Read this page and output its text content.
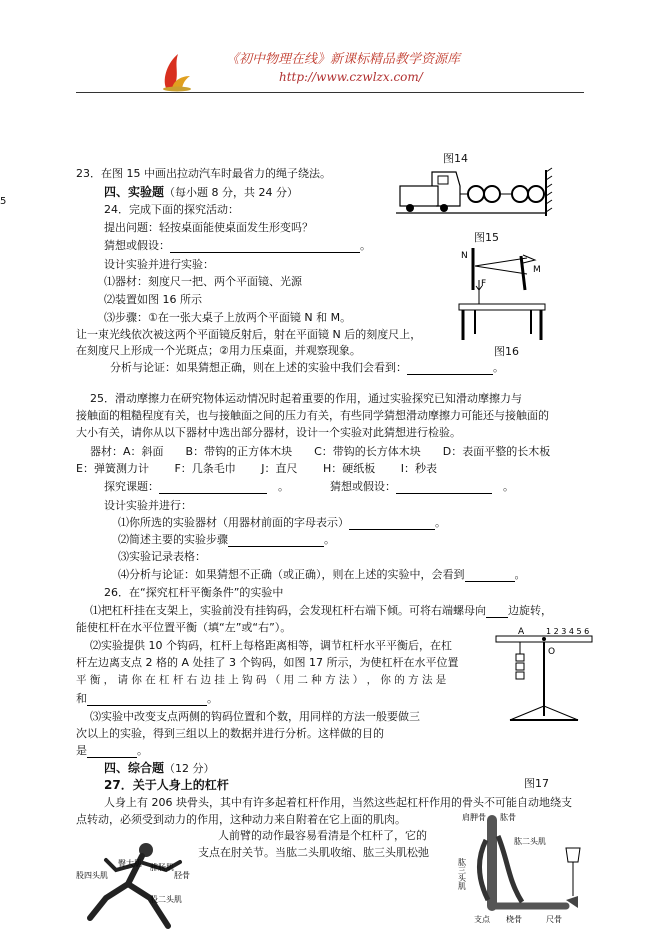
《初中物理在线》新课标精品教学资源库
http://www.czwlzx.com/
5
图14
图15
23．在图 15 中画出拉动汽车时最省力的绳子绕法。
四、实验题（每小题 8 分，共 24 分）
24．完成下面的探究活动：
提出问题：轻按桌面能使桌面发生形变吗？
猜想或假设：	。
设计实验并进行实验：
⑴器材：刻度尺一把、两个平面镜、光源
⑵装置如图 16 所示
⑶步骤：①在一张大桌子上放两个平面镜 N 和 M。
让一束光线依次被这两个平面镜反射后，射在平面镜 N 后的刻度尺上，
在刻度尺上形成一个光斑点；②用力压桌面，并观察现象。
分析与论证：如果猜想正确，则在上述的实验中我们会看到：	。
N
M
F
图16
25．滑动摩擦力在研究物体运动情况时起着重要的作用，通过实验探究已知滑动摩擦力与
接触面的粗糙程度有关，也与接触面之间的压力有关，有些同学猜想滑动摩擦力可能还与接触面的
大小有关，请你从以下器材中选出部分器材，设计一个实验对此猜想进行检验。
器材：A：斜面　　B：带钩的正方体木块　　C：带钩的长方体木块　　D：表面平整的长木板
E：弹簧测力计　　 F：几条毛巾　　 J：直尺　　 H：硬纸板　　 I：秒表
探究课题：	　。	猜想或假设：	　。
设计实验并进行：
⑴你所选的实验器材（用器材前面的字母表示）	。
⑵简述主要的实验步骤	。
⑶实验记录表格：
⑷分析与论证：如果猜想不正确（或正确），则在上述的实验中，会看到	。
26．在“探究杠杆平衡条件”的实验中
⑴把杠杆挂在支架上，实验前没有挂钩码，会发现杠杆右端下倾。可将右端螺母向 边旋转，
能使杠杆在水平位置平衡（填“左”或“右”）。
⑵实验提供 10 个钩码，杠杆上每格距离相等，调节杠杆水平平衡后，在杠
杆左边离支点 2 格的 A 处挂了 3 个钩码，如图 17 所示，为使杠杆在水平位置
平 衡 ， 请 你 在 杠 杆 右 边 挂 上 钩 码 （ 用 二 种 方 法 ） ， 你 的 方 法 是
和	。
⑶实验中改变支点两侧的钩码位置和个数，用同样的方法一般要做三
次以上的实验，得到三组以上的数据并进行分析。这样做的目的
是	。
A
O
1 2 3 4 5 6
图17
四、综合题（12 分）
27．关于人身上的杠杆
人身上有 206 块骨头，其中有许多起着杠杆作用，当然这些起杠杆作用的骨头不可能自动地绕支
点转动，必须受到动力的作用，这种动力来自附着在它上面的肌肉。
人前臂的动作最容易看清是个杠杆了，它的
支点在肘关节。当肱二头肌收缩、肱三头肌松弛
臀大肌
股四头肌
腓肠肌
胫骨
股二头肌
肩胛骨 肱骨
肱二头肌
肱三头肌
支点 桡骨	尺骨
